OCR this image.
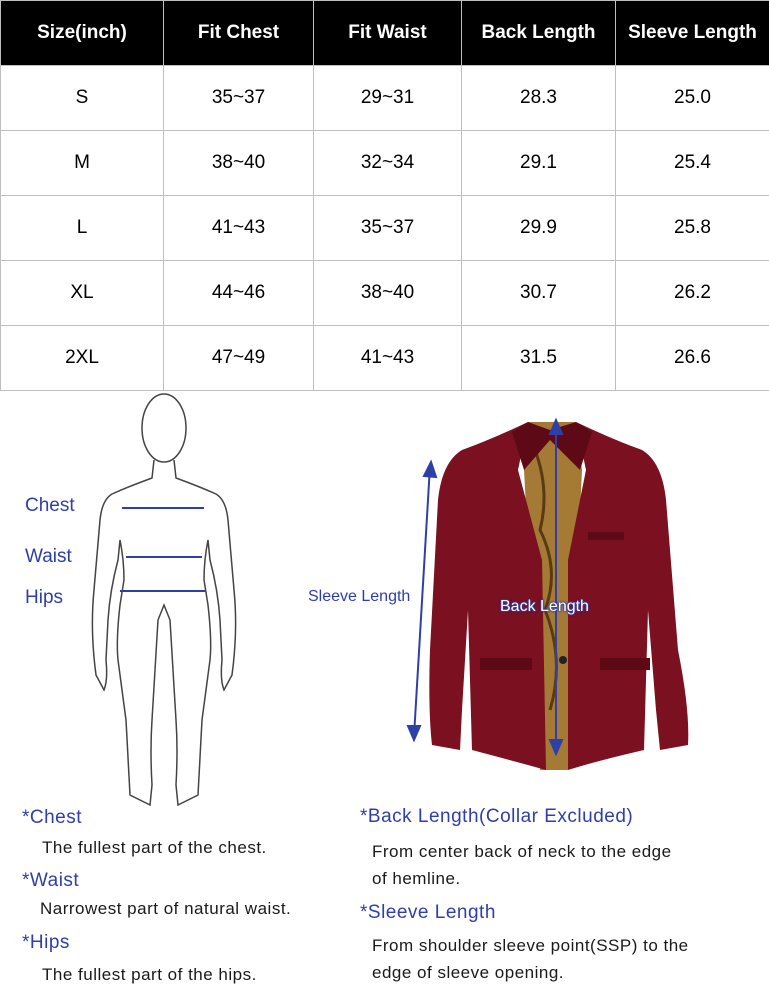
Size(inch)	Fit Chest	Fit Waist	Back Length	Sleeve Length
S	35~37	29~31	28.3	25.0
M	38~40	32~34	29.1	25.4
L	41~43	35~37	29.9	25.8
XL	44~46	38~40	30.7	26.2
2XL	47~49	41~43	31.5	26.6
Chest
Waist
Hips	Sleeve Length
Back Length
*Chest
The fullest part of the chest.
*Waist
Narrowest part of natural waist.
*Hips
The fullest part of the hips.
*Back Length(Collar Excluded)
From center back of neck to the edge
of hemline.
*Sleeve Length
From shoulder sleeve point(SSP) to the
edge of sleeve opening.
